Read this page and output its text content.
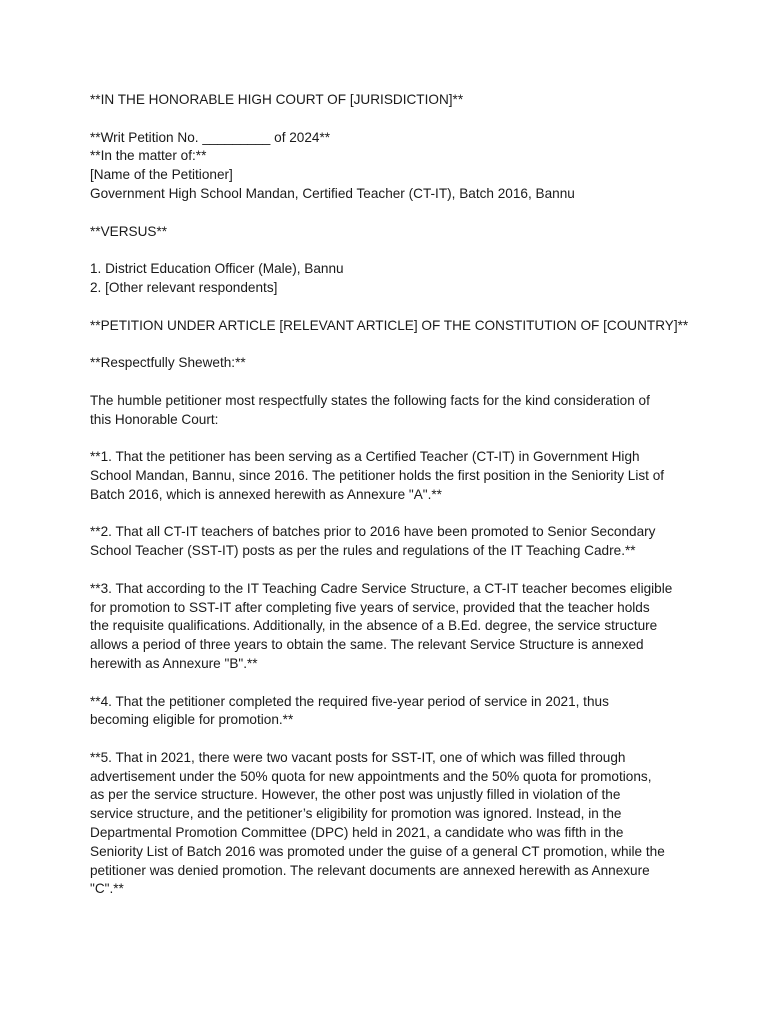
**IN THE HONORABLE HIGH COURT OF [JURISDICTION]**
**Writ Petition No. _________ of 2024**
**In the matter of:**
[Name of the Petitioner]
Government High School Mandan, Certified Teacher (CT-IT), Batch 2016, Bannu
**VERSUS**
1. District Education Officer (Male), Bannu
2. [Other relevant respondents]
**PETITION UNDER ARTICLE [RELEVANT ARTICLE] OF THE CONSTITUTION OF [COUNTRY]**
**Respectfully Sheweth:**
The humble petitioner most respectfully states the following facts for the kind consideration of
this Honorable Court:
**1. That the petitioner has been serving as a Certified Teacher (CT-IT) in Government High
School Mandan, Bannu, since 2016. The petitioner holds the first position in the Seniority List of
Batch 2016, which is annexed herewith as Annexure "A".**
**2. That all CT-IT teachers of batches prior to 2016 have been promoted to Senior Secondary
School Teacher (SST-IT) posts as per the rules and regulations of the IT Teaching Cadre.**
**3. That according to the IT Teaching Cadre Service Structure, a CT-IT teacher becomes eligible
for promotion to SST-IT after completing five years of service, provided that the teacher holds
the requisite qualifications. Additionally, in the absence of a B.Ed. degree, the service structure
allows a period of three years to obtain the same. The relevant Service Structure is annexed
herewith as Annexure "B".**
**4. That the petitioner completed the required five-year period of service in 2021, thus
becoming eligible for promotion.**
**5. That in 2021, there were two vacant posts for SST-IT, one of which was filled through
advertisement under the 50% quota for new appointments and the 50% quota for promotions,
as per the service structure. However, the other post was unjustly filled in violation of the
service structure, and the petitioner’s eligibility for promotion was ignored. Instead, in the
Departmental Promotion Committee (DPC) held in 2021, a candidate who was fifth in the
Seniority List of Batch 2016 was promoted under the guise of a general CT promotion, while the
petitioner was denied promotion. The relevant documents are annexed herewith as Annexure
"C".**
